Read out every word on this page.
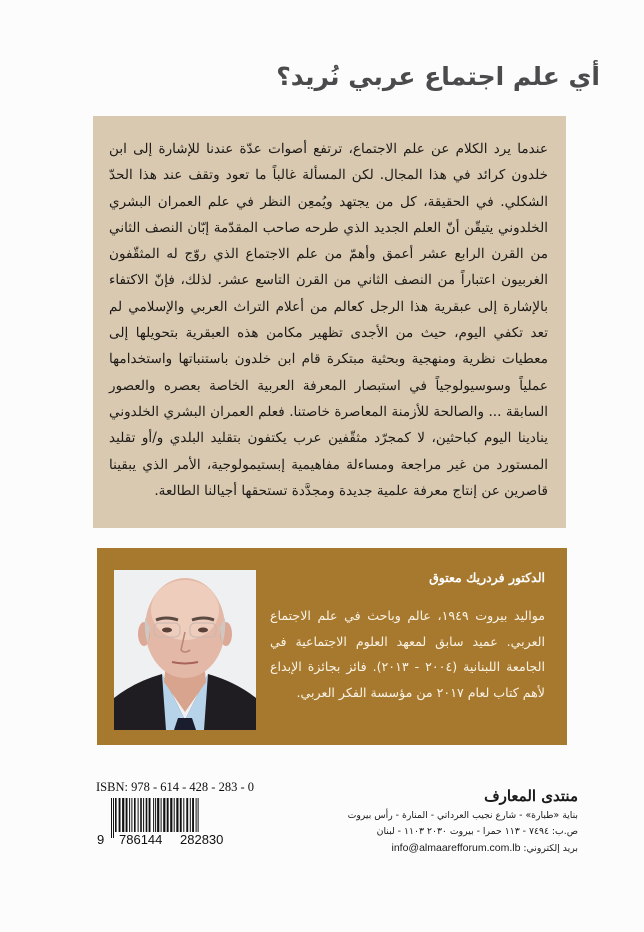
أي علم اجتماع عربي نُريد؟

عندما يرد الكلام عن علم الاجتماع، ترتفع أصوات عدّة عندنا للإشارة إلى ابن خلدون كرائد في هذا المجال. لكن المسألة غالباً ما تعود وتقف عند هذا الحدّ الشكلي. في الحقيقة، كل من يجتهد ويُمعِن النظر في علم العمران البشري الخلدوني يتيقّن أنّ العلم الجديد الذي طرحه صاحب المقدّمة إبّان النصف الثاني من القرن الرابع عشر أعمق وأهمّ من علم الاجتماع الذي روّج له المثقّفون الغربيون اعتباراً من النصف الثاني من القرن التاسع عشر. لذلك، فإنّ الاكتفاء بالإشارة إلى عبقرية هذا الرجل كعالم من أعلام التراث العربي والإسلامي لم تعد تكفي اليوم، حيث من الأجدى تظهير مكامن هذه العبقرية بتحويلها إلى معطيات نظرية ومنهجية وبحثية مبتكرة قام ابن خلدون باستنباتها واستخدامها عملياً وسوسيولوجياً في استبصار المعرفة العربية الخاصة بعصره والعصور السابقة ... والصالحة للأزمنة المعاصرة خاصتنا. فعلم العمران البشري الخلدوني ينادينا اليوم كباحثين، لا كمجرّد مثقّفين عرب يكتفون بتقليد البلدي و/أو تقليد المستورد من غير مراجعة ومساءلة مفاهيمية إبستيمولوجية، الأمر الذي يبقينا قاصرين عن إنتاج معرفة علمية جديدة ومجدَّدة تستحقها أجيالنا الطالعة.

الدكتور فردريك معتوق

مواليد بيروت ١٩٤٩، عالم وباحث في علم الاجتماع العربي. عميد سابق لمعهد العلوم الاجتماعية في الجامعة اللبنانية (٢٠٠٤ - ٢٠١٣). فائز بجائزة الإبداع لأهم كتاب لعام ٢٠١٧ من مؤسسة الفكر العربي.

ISBN: 978 - 614 - 428 - 283 - 0
9 786144 282830
منتدى المعارف
بناية «طبارة» - شارع نجيب العرداتي - المنارة - رأس بيروت
ص.ب: ٧٤٩٤ - ١١٣ حمرا - بيروت ٢٠٣٠ ١١٠٣ - لبنان
بريد إلكتروني: info@almaarefforum.com.lb
